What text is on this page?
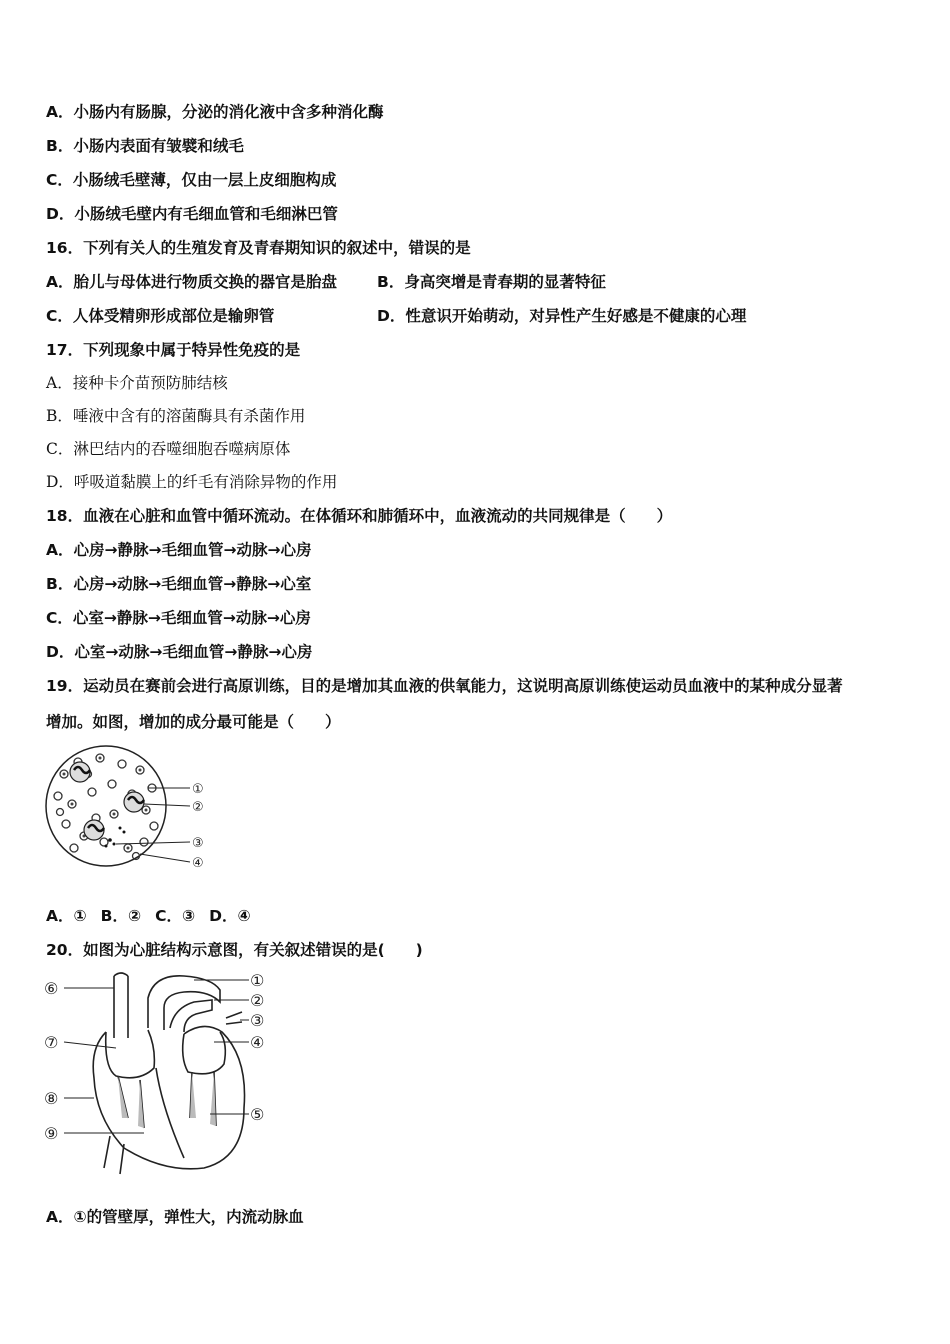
A．小肠内有肠腺，分泌的消化液中含多种消化酶
B．小肠内表面有皱襞和绒毛
C．小肠绒毛壁薄，仅由一层上皮细胞构成
D．小肠绒毛壁内有毛细血管和毛细淋巴管
16．下列有关人的生殖发育及青春期知识的叙述中，错误的是
A．胎儿与母体进行物质交换的器官是胎盘	B．身高突增是青春期的显著特征
C．人体受精卵形成部位是输卵管	D．性意识开始萌动，对异性产生好感是不健康的心理
17．下列现象中属于特异性免疫的是
A．接种卡介苗预防肺结核
B．唾液中含有的溶菌酶具有杀菌作用
C．淋巴结内的吞噬细胞吞噬病原体
D．呼吸道黏膜上的纤毛有消除异物的作用
18．血液在心脏和血管中循环流动。在体循环和肺循环中，血液流动的共同规律是（　　）
A．心房→静脉→毛细血管→动脉→心房
B．心房→动脉→毛细血管→静脉→心室
C．心室→静脉→毛细血管→动脉→心房
D．心室→动脉→毛细血管→静脉→心房
19．运动员在赛前会进行高原训练，目的是增加其血液的供氧能力，这说明高原训练使运动员血液中的某种成分显著
增加。如图，增加的成分最可能是（　　）
①
②
③
④
A．① B．② C．③ D．④
20．如图为心脏结构示意图，有关叙述错误的是(　　)
⑥
⑦
⑧
⑨
①
②
③
④
⑤
A．①的管壁厚，弹性大，内流动脉血
